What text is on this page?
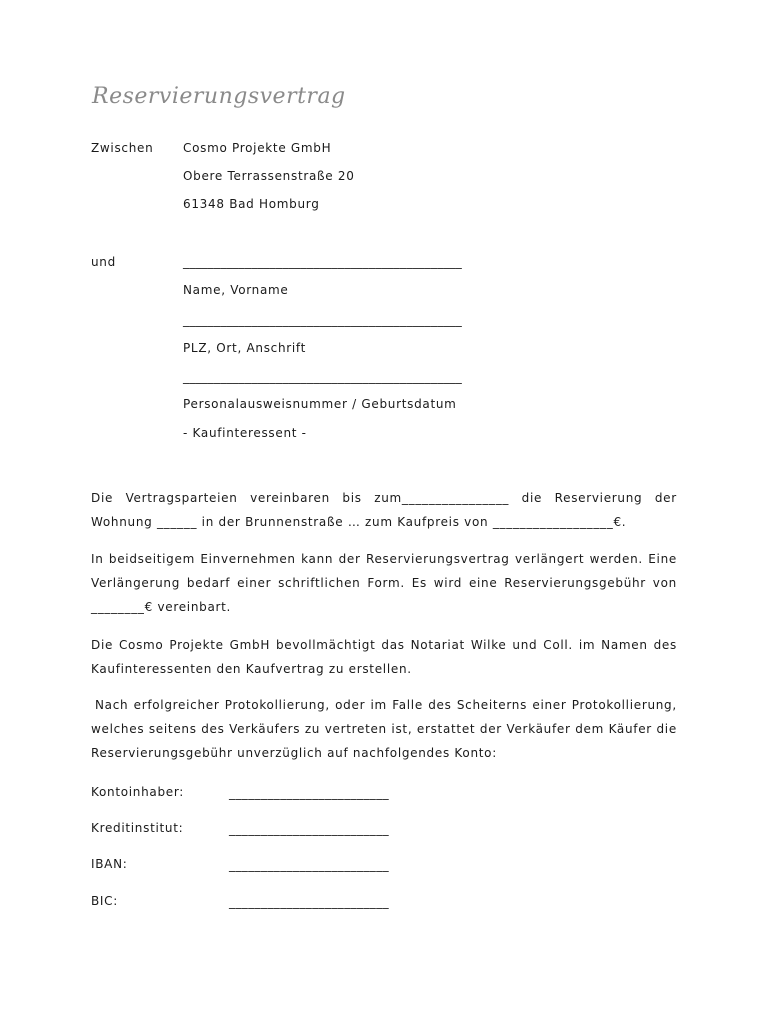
Reservierungsvertrag
Zwischen Cosmo Projekte GmbH
Obere Terrassenstraße 20
61348 Bad Homburg
und	_____________________________________________
Name, Vorname
_____________________________________________
PLZ, Ort, Anschrift
_____________________________________________
Personalausweisnummer / Geburtsdatum
- Kaufinteressent -
Die Vertragsparteien vereinbaren bis zum________________ die Reservierung der
Wohnung ______ in der Brunnenstraße … zum Kaufpreis von __________________€.
In beidseitigem Einvernehmen kann der Reservierungsvertrag verlängert werden. Eine
Verlängerung bedarf einer schriftlichen Form. Es wird eine Reservierungsgebühr von
________€ vereinbart.
Die Cosmo Projekte GmbH bevollmächtigt das Notariat Wilke und Coll. im Namen des
Kaufinteressenten den Kaufvertrag zu erstellen.
Nach erfolgreicher Protokollierung, oder im Falle des Scheiterns einer Protokollierung,
welches seitens des Verkäufers zu vertreten ist, erstattet der Verkäufer dem Käufer die
Reservierungsgebühr unverzüglich auf nachfolgendes Konto:
Kontoinhaber:	_________________________
Kreditinstitut:	_________________________
IBAN:	_________________________
BIC:	_________________________
